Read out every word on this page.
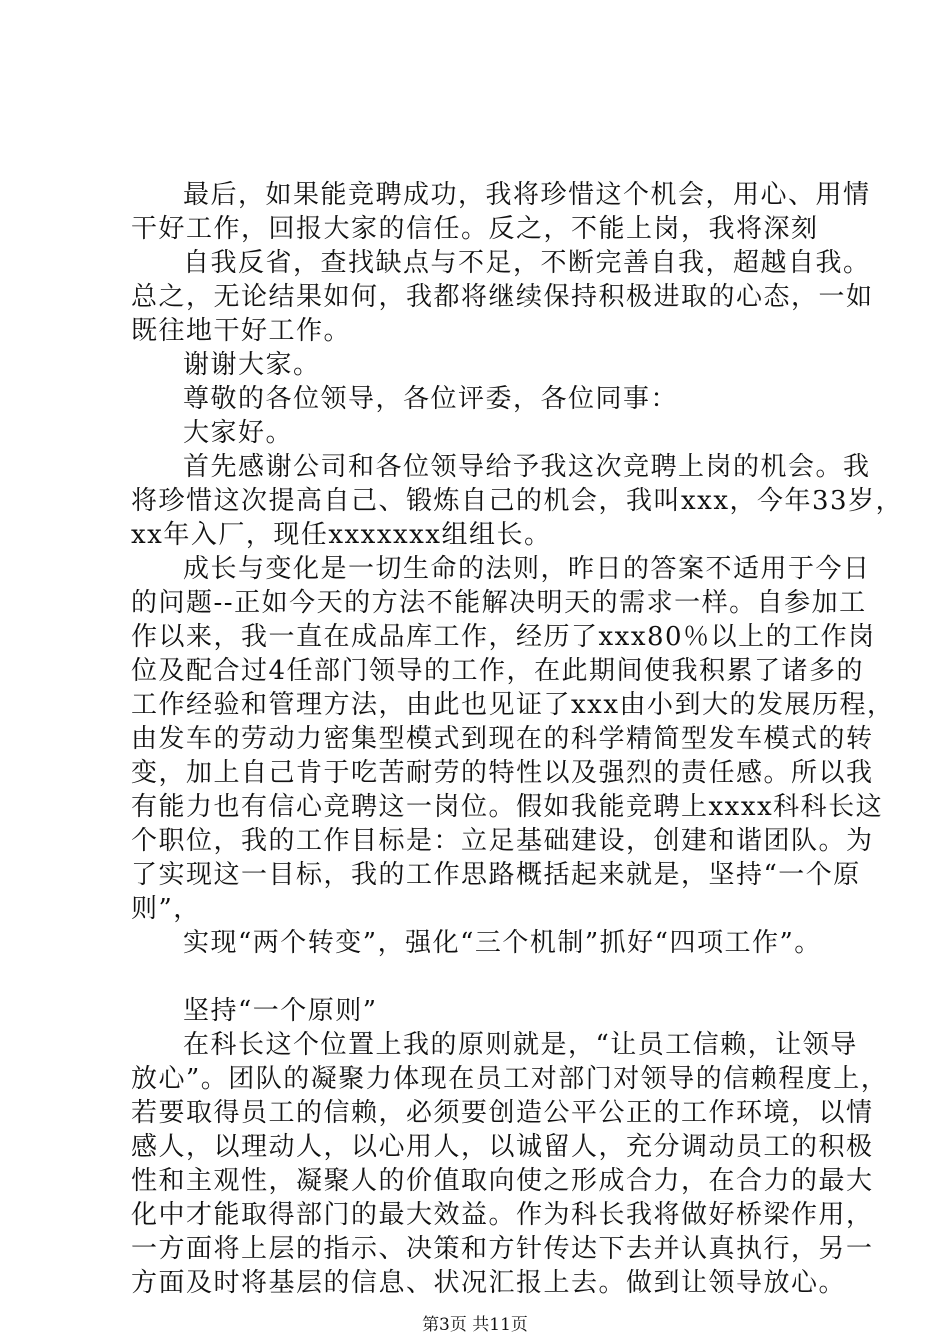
最后，如果能竞聘成功，我将珍惜这个机会，用心、用情
干好工作，回报大家的信任。反之，不能上岗，我将深刻
自我反省，查找缺点与不足，不断完善自我，超越自我。
总之，无论结果如何，我都将继续保持积极进取的心态，一如
既往地干好工作。
谢谢大家。
尊敬的各位领导，各位评委，各位同事：
大家好。
首先感谢公司和各位领导给予我这次竞聘上岗的机会。我
将珍惜这次提高自己、锻炼自己的机会，我叫xxx，今年33岁，
xx年入厂，现任xxxxxxx组组长。
成长与变化是一切生命的法则，昨日的答案不适用于今日
的问题--正如今天的方法不能解决明天的需求一样。自参加工
作以来，我一直在成品库工作，经历了xxx80％以上的工作岗
位及配合过4任部门领导的工作，在此期间使我积累了诸多的
工作经验和管理方法，由此也见证了xxx由小到大的发展历程，
由发车的劳动力密集型模式到现在的科学精简型发车模式的转
变，加上自己肯于吃苦耐劳的特性以及强烈的责任感。所以我
有能力也有信心竞聘这一岗位。假如我能竞聘上xxxx科科长这
个职位，我的工作目标是：立足基础建设，创建和谐团队。为
了实现这一目标，我的工作思路概括起来就是，坚持“一个原
则”，
实现“两个转变”，强化“三个机制”抓好“四项工作”。
坚持“一个原则”
在科长这个位置上我的原则就是，“让员工信赖，让领导
放心”。团队的凝聚力体现在员工对部门对领导的信赖程度上，
若要取得员工的信赖，必须要创造公平公正的工作环境，以情
感人，以理动人，以心用人，以诚留人，充分调动员工的积极
性和主观性，凝聚人的价值取向使之形成合力，在合力的最大
化中才能取得部门的最大效益。作为科长我将做好桥梁作用，
一方面将上层的指示、决策和方针传达下去并认真执行，另一
方面及时将基层的信息、状况汇报上去。做到让领导放心。
第3页 共11页
